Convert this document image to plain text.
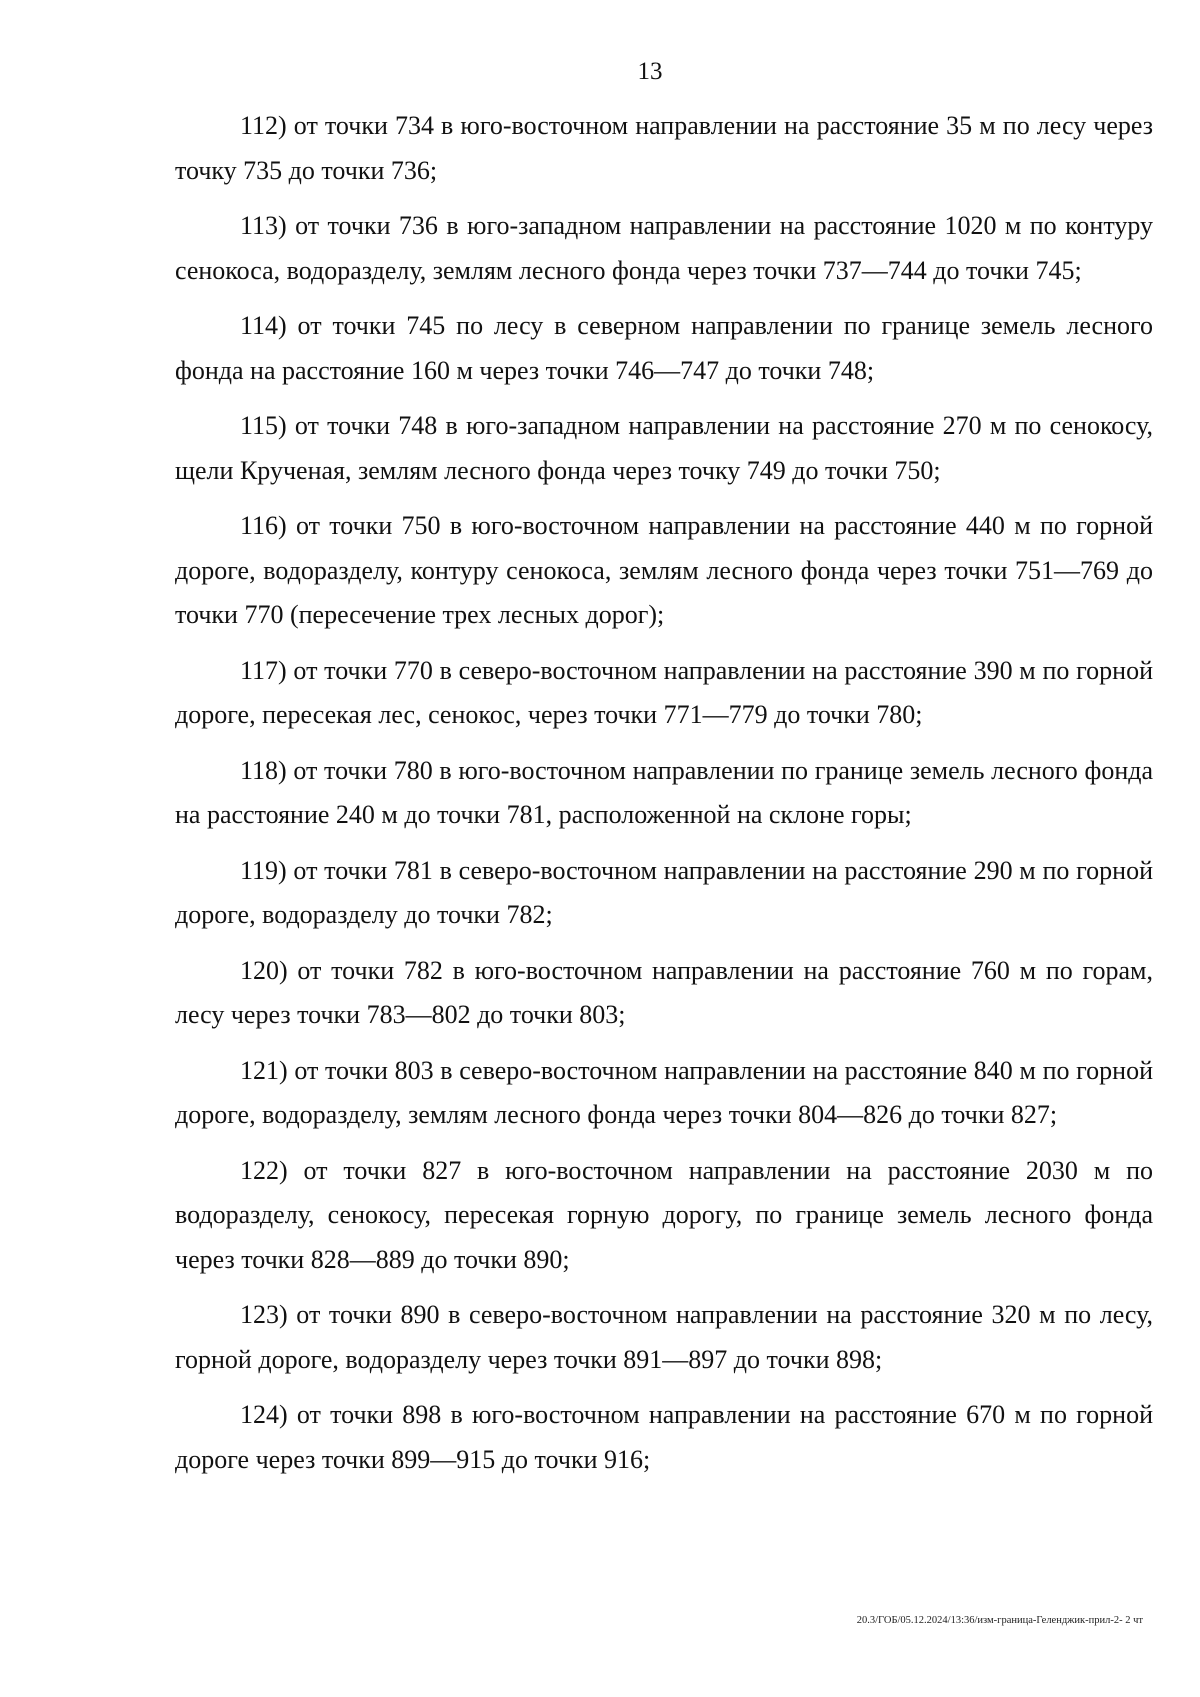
13

112) от точки 734 в юго-восточном направлении на расстояние 35 м по лесу через точку 735 до точки 736;

113) от точки 736 в юго-западном направлении на расстояние 1020 м по контуру сенокоса, водоразделу, землям лесного фонда через точки 737—744 до точки 745;

114) от точки 745 по лесу в северном направлении по границе земель лесного фонда на расстояние 160 м через точки 746—747 до точки 748;

115) от точки 748 в юго-западном направлении на расстояние 270 м по сенокосу, щели Крученая, землям лесного фонда через точку 749 до точки 750;

116) от точки 750 в юго-восточном направлении на расстояние 440 м по горной дороге, водоразделу, контуру сенокоса, землям лесного фонда через точки 751—769 до точки 770 (пересечение трех лесных дорог);

117) от точки 770 в северо-восточном направлении на расстояние 390 м по горной дороге, пересекая лес, сенокос, через точки 771—779 до точки 780;

118) от точки 780 в юго-восточном направлении по границе земель лесного фонда на расстояние 240 м до точки 781, расположенной на склоне горы;

119) от точки 781 в северо-восточном направлении на расстояние 290 м по горной дороге, водоразделу до точки 782;

120) от точки 782 в юго-восточном направлении на расстояние 760 м по горам, лесу через точки 783—802 до точки 803;

121) от точки 803 в северо-восточном направлении на расстояние 840 м по горной дороге, водоразделу, землям лесного фонда через точки 804—826 до точки 827;

122) от точки 827 в юго-восточном направлении на расстояние 2030 м по водоразделу, сенокосу, пересекая горную дорогу, по границе земель лесного фонда через точки 828—889 до точки 890;

123) от точки 890 в северо-восточном направлении на расстояние 320 м по лесу, горной дороге, водоразделу через точки 891—897 до точки 898;

124) от точки 898 в юго-восточном направлении на расстояние 670 м по горной дороге через точки 899—915 до точки 916;

20.3/ГОБ/05.12.2024/13:36/изм-граница-Геленджик-прил-2- 2 чт
